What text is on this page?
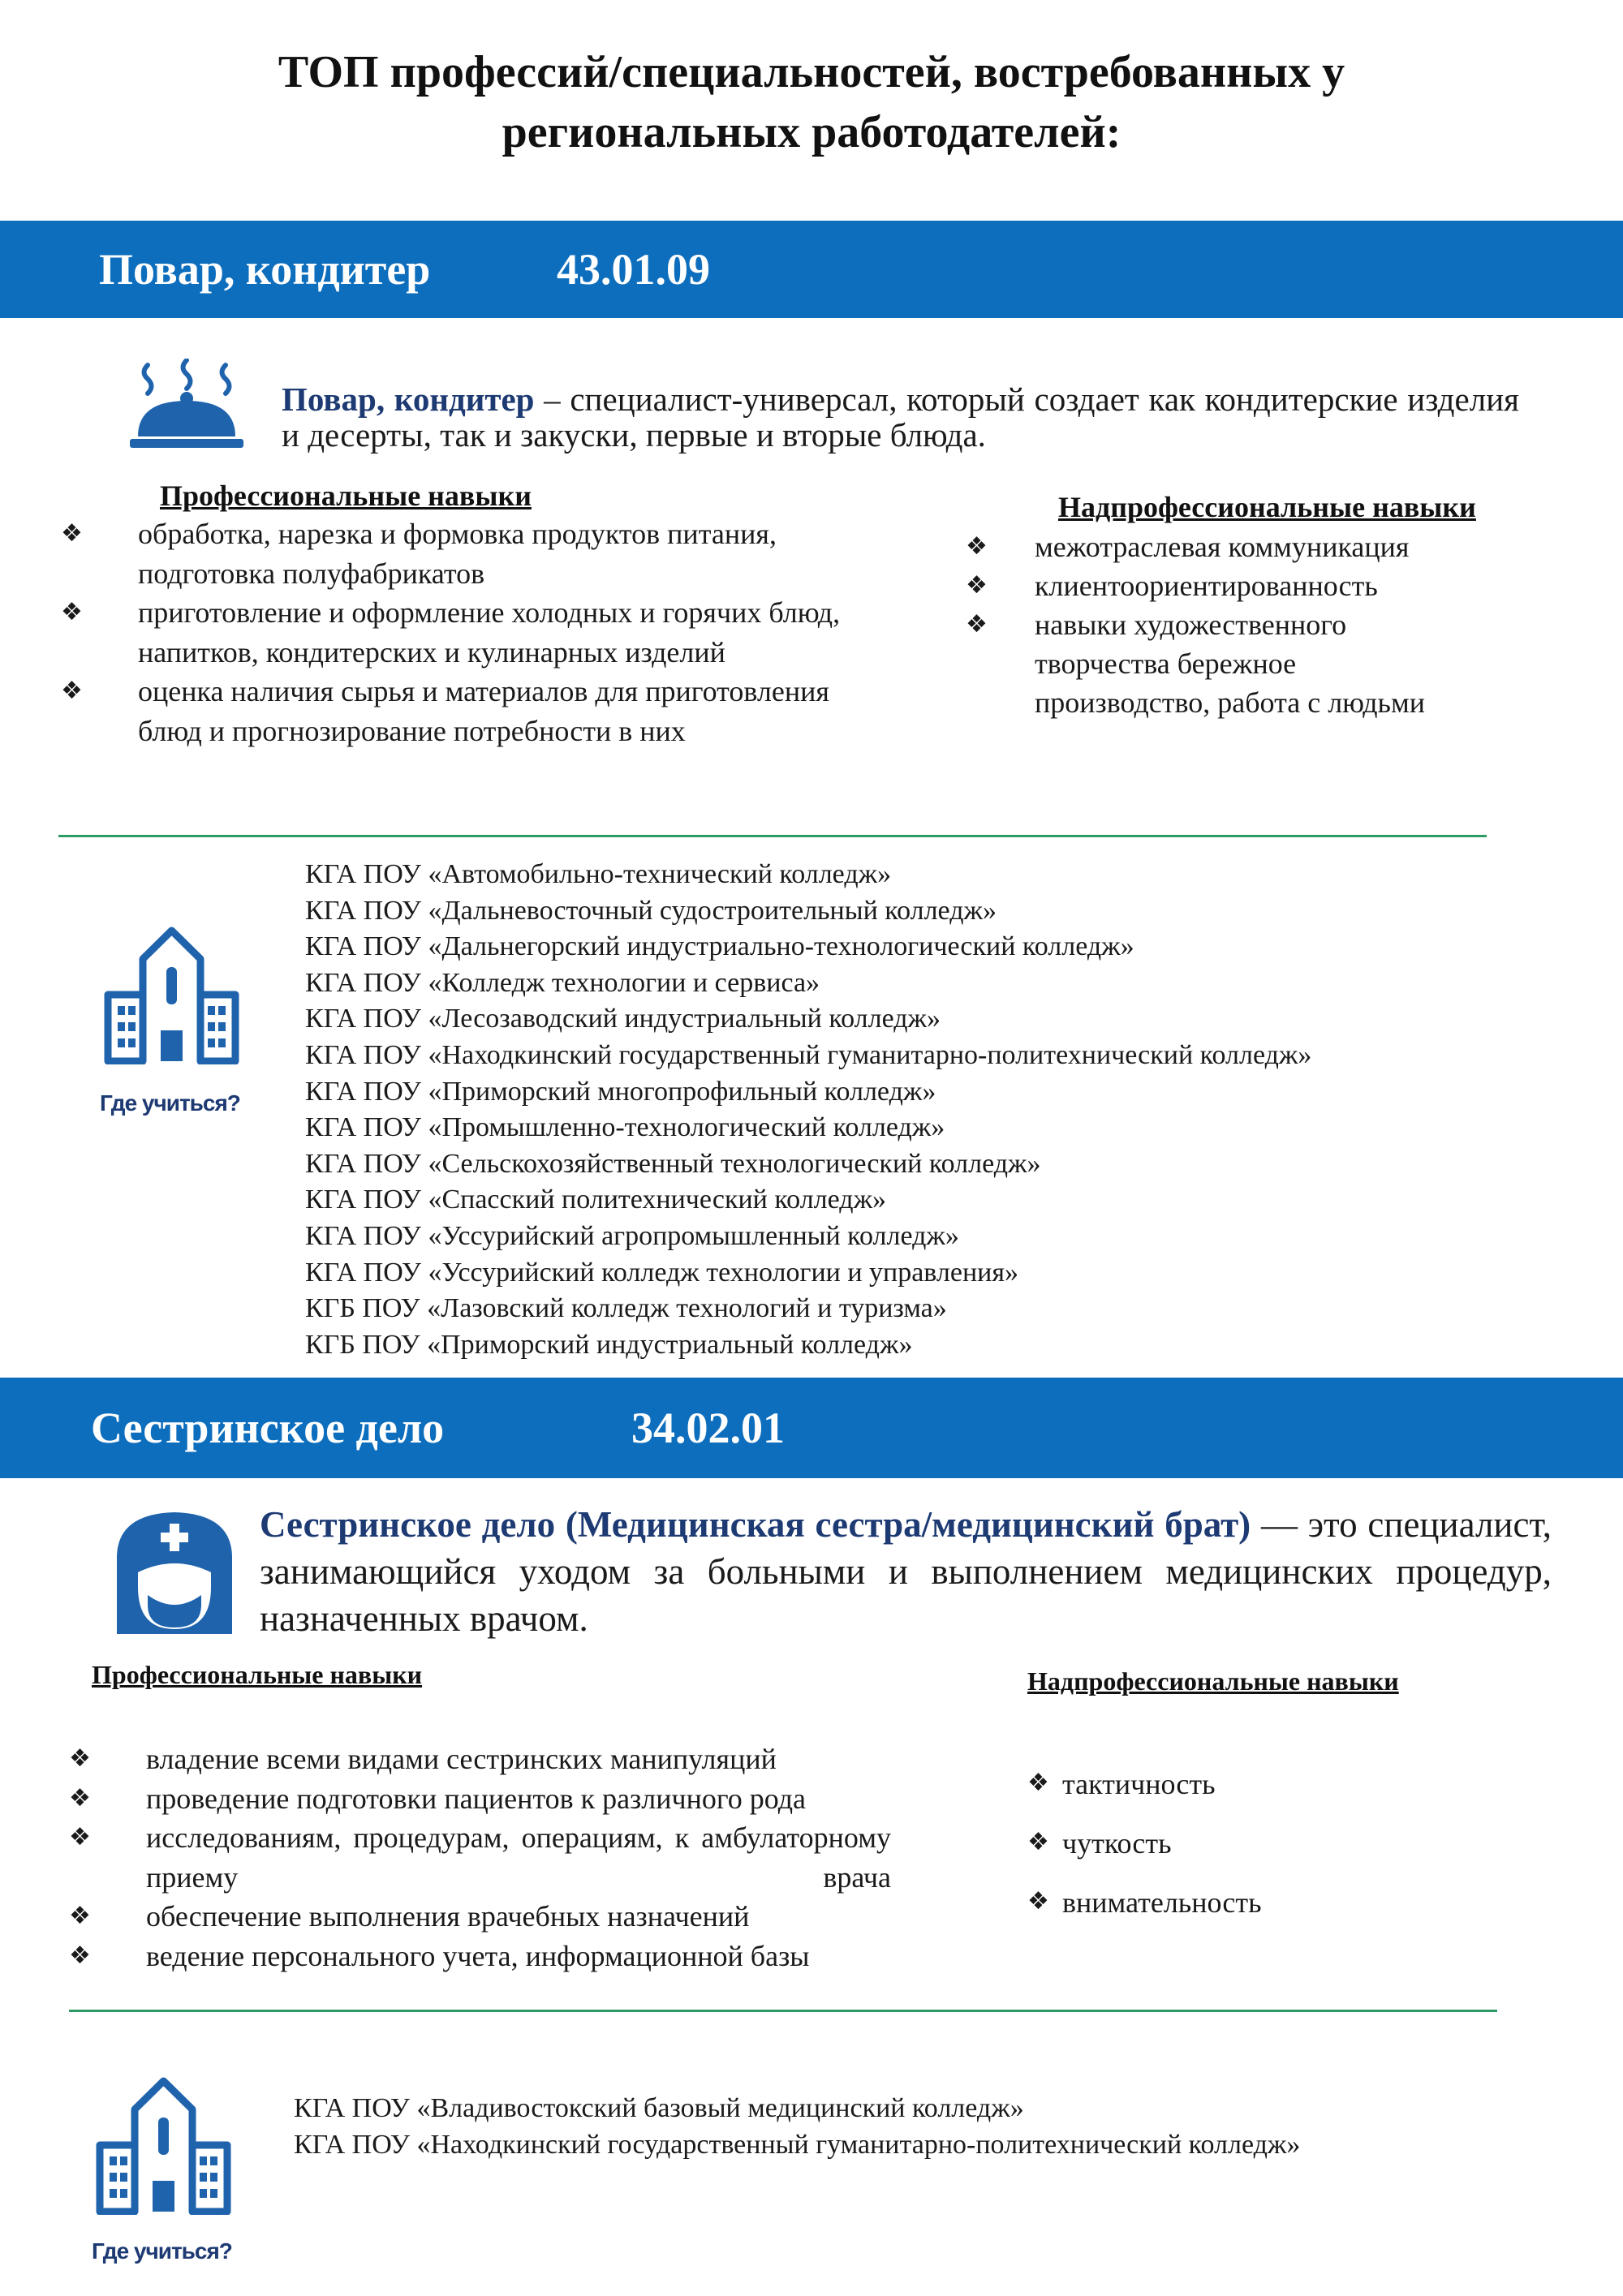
ТОП профессий/специальностей, востребованных у
региональных работодателей:
Повар, кондитер	43.01.09
Повар, кондитер – специалист-универсал, который создает как кондитерские изделия и десерты, так и закуски, первые и вторые блюда.
Профессиональные навыки
❖ обработка, нарезка и формовка продуктов питания, подготовка полуфабрикатов
❖ приготовление и оформление холодных и горячих блюд, напитков, кондитерских и кулинарных изделий
❖ оценка наличия сырья и материалов для приготовления блюд и прогнозирование потребности в них
Надпрофессиональные навыки
❖ межотраслевая коммуникация
❖ клиентоориентированность
❖ навыки художественного
творчества бережное
производство, работа с людьми
Где учиться?
КГА ПОУ «Автомобильно-технический колледж»
КГА ПОУ «Дальневосточный судостроительный колледж»
КГА ПОУ «Дальнегорский индустриально-технологический колледж»
КГА ПОУ «Колледж технологии и сервиса»
КГА ПОУ «Лесозаводский индустриальный колледж»
КГА ПОУ «Находкинский государственный гуманитарно-политехнический колледж»
КГА ПОУ «Приморский многопрофильный колледж»
КГА ПОУ «Промышленно-технологический колледж»
КГА ПОУ «Сельскохозяйственный технологический колледж»
КГА ПОУ «Спасский политехнический колледж»
КГА ПОУ «Уссурийский агропромышленный колледж»
КГА ПОУ «Уссурийский колледж технологии и управления»
КГБ ПОУ «Лазовский колледж технологий и туризма»
КГБ ПОУ «Приморский индустриальный колледж»
Сестринское дело	34.02.01
Сестринское дело (Медицинская сестра/медицинский брат) — это специалист, занимающийся уходом за больными и выполнением медицинских процедур, назначенных врачом.
Профессиональные навыки
❖ владение всеми видами сестринских манипуляций
❖ проведение подготовки пациентов к различного рода
❖ исследованиям, процедурам, операциям, к амбулаторному приему врача
❖ обеспечение выполнения врачебных назначений
❖ ведение персонального учета, информационной базы
Надпрофессиональные навыки
❖ тактичность
❖ чуткость
❖ внимательность
Где учиться?
КГА ПОУ «Владивостокский базовый медицинский колледж»
КГА ПОУ «Находкинский государственный гуманитарно-политехнический колледж»
